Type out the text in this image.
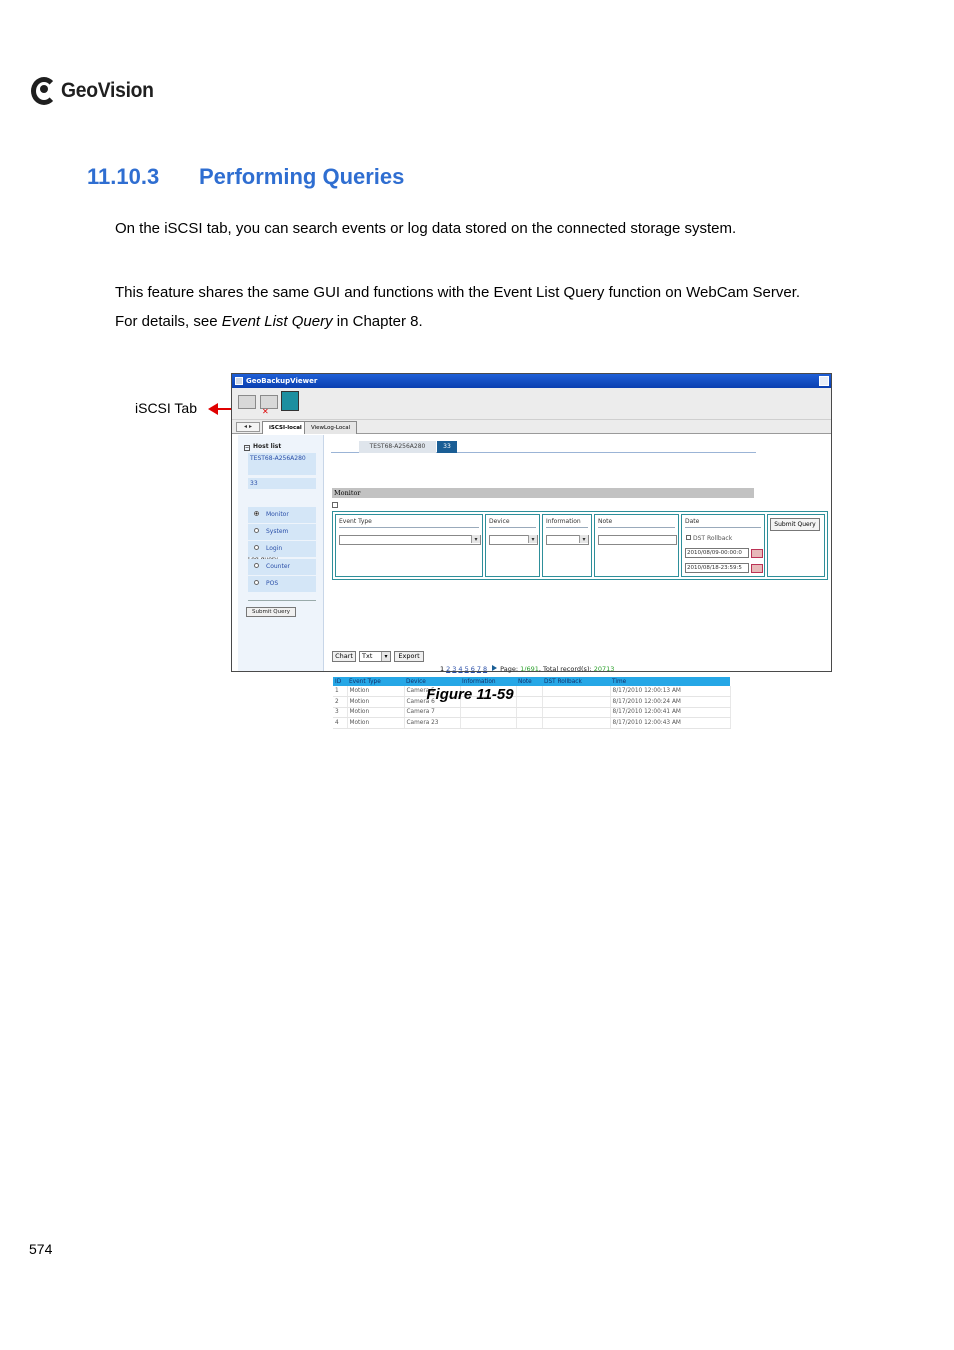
GeoVision
11.10.3 Performing Queries

On the iSCSI tab, you can search events or log data stored on the connected storage system.

This feature shares the same GUI and functions with the Event List Query function on WebCam Server.

For details, see Event List Query in Chapter 8.

iSCSI Tab
GeoBackupViewer
✕
◂ ▸	iSCSI-local	ViewLog-Local
− Host list
TEST68-A256A280
33
Monitor
System
Login
Counter
POS
Submit Query
TEST68-A256A280	33
Monitor
Event Type
▾	Device
▾	Information
▾	Note	Date
DST Rollback
2010/08/09-00:00:0
2010/08/18-23:59:5
Submit Query
Chart	Txt ▾	Export
1 2 3 4 5 6 7 8 Page: 1/691, Total record(s): 20713
ID	Event Type	Device	Information	Note	DST Rollback	Time
1	Motion	Camera 5				8/17/2010 12:00:13 AM
2	Motion	Camera 6				8/17/2010 12:00:24 AM
3	Motion	Camera 7				8/17/2010 12:00:41 AM
4	Motion	Camera 23				8/17/2010 12:00:43 AM
Figure 11-59
574
